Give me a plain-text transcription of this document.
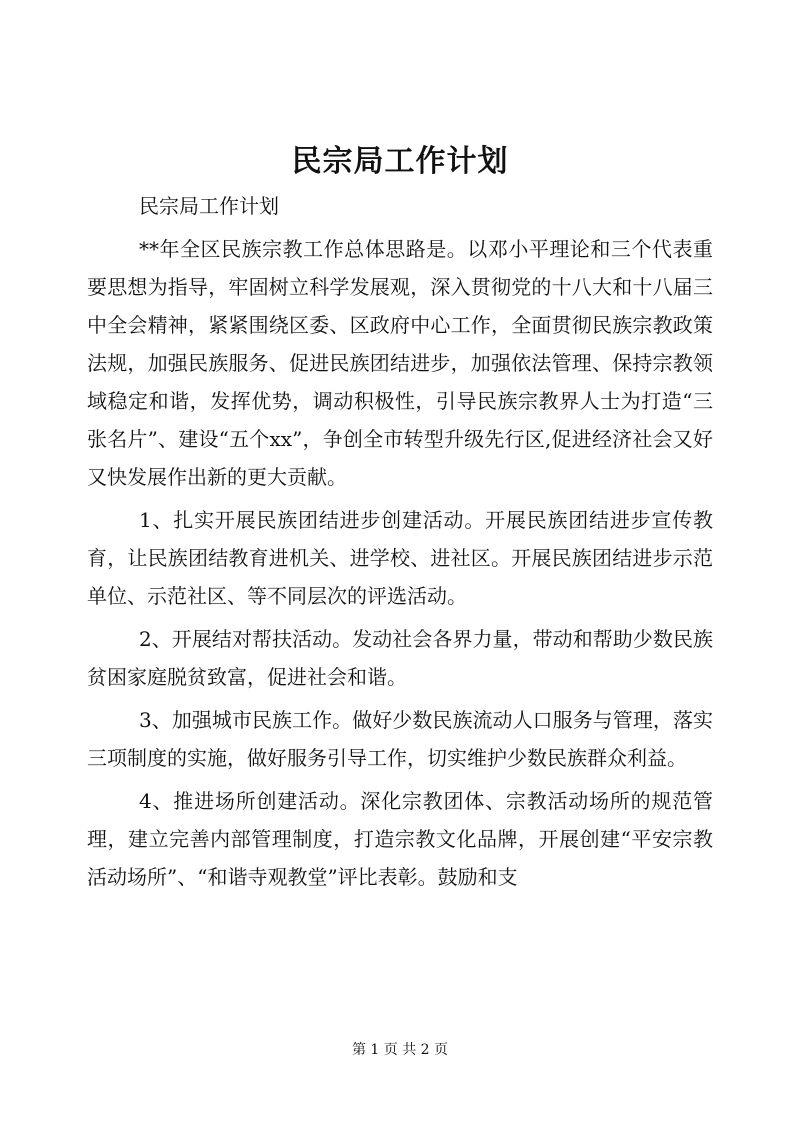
民宗局工作计划

民宗局工作计划

**年全区民族宗教工作总体思路是。以邓小平理论和三个代表重要思想为指导，牢固树立科学发展观，深入贯彻党的十八大和十八届三中全会精神，紧紧围绕区委、区政府中心工作，全面贯彻民族宗教政策法规，加强民族服务、促进民族团结进步，加强依法管理、保持宗教领域稳定和谐，发挥优势，调动积极性，引导民族宗教界人士为打造“三张名片”、建设“五个xx”，争创全市转型升级先行区,促进经济社会又好又快发展作出新的更大贡献。

1、扎实开展民族团结进步创建活动。开展民族团结进步宣传教育，让民族团结教育进机关、进学校、进社区。开展民族团结进步示范单位、示范社区、等不同层次的评选活动。

2、开展结对帮扶活动。发动社会各界力量，带动和帮助少数民族贫困家庭脱贫致富，促进社会和谐。

3、加强城市民族工作。做好少数民族流动人口服务与管理，落实三项制度的实施，做好服务引导工作，切实维护少数民族群众利益。

4、推进场所创建活动。深化宗教团体、宗教活动场所的规范管理，建立完善内部管理制度，打造宗教文化品牌，开展创建“平安宗教活动场所”、“和谐寺观教堂”评比表彰。鼓励和支

第 1 页 共 2 页
